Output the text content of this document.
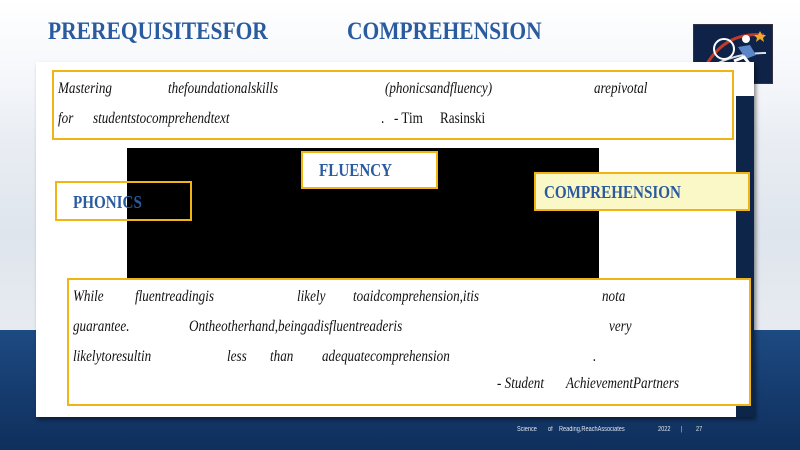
PREREQUISITESFOR	COMPREHENSION
Mastering	thefoundationalskills	(phonicsandfluency)	arepivotal
for studentstocomprehendtext	. - Tim Rasinski
FLUENCY
PHONICS	COMPREHENSION
While fluentreadingis	likely toaidcomprehension,itis	nota
guarantee.	Ontheotherhand,beingadisfluentreaderis	very
likelytoresultin	less than adequatecomprehension	.
- Student AchievementPartners
Science of Reading,ReachAssociates	2022 | 27
